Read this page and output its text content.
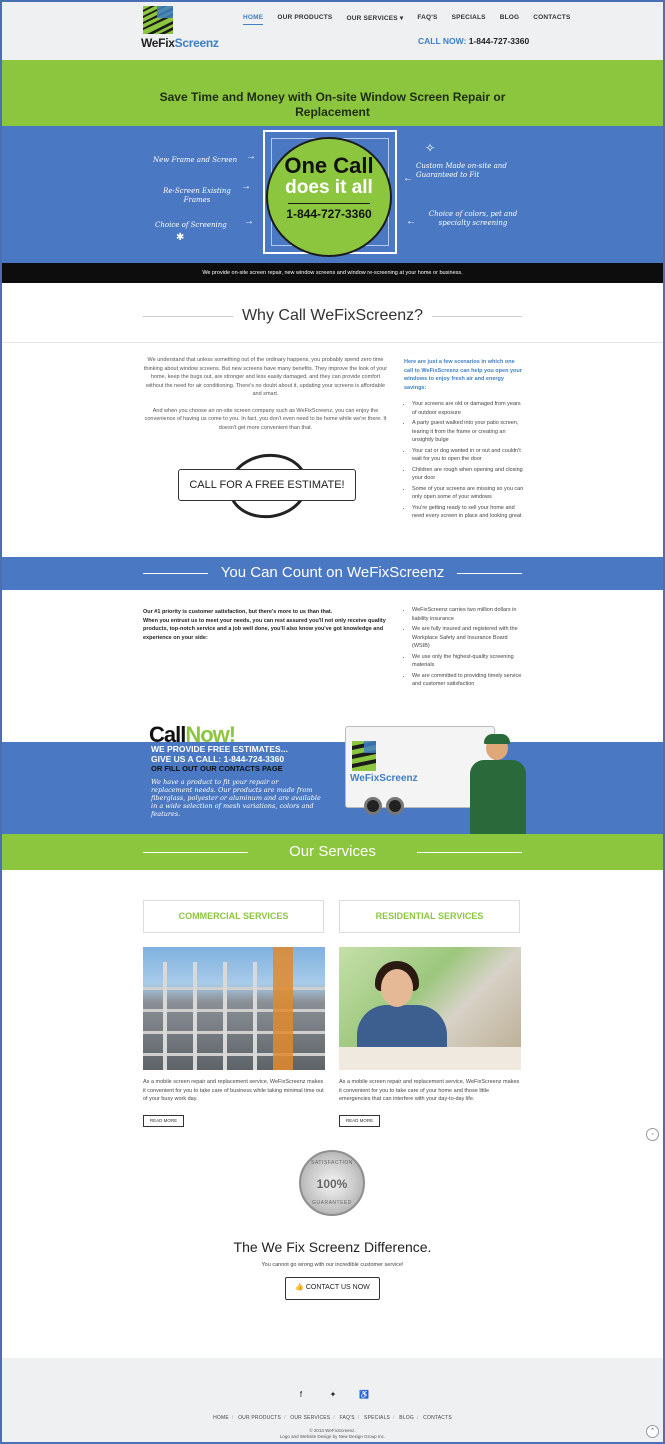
WeFixScreenz
HOME OUR PRODUCTS OUR SERVICES ▾ FAQ'S SPECIALS BLOG CONTACTS
CALL NOW: 1-844-727-3360
Save Time and Money with On-site Window Screen Repair or Replacement
One Call
does it all
1-844-727-3360
New Frame and Screen →
Re-Screen Existing Frames
→
Choice of Screening	→
✱
Custom Made on-site and Guaranteed to Fit
←
✧
Choice of colors, pet and specialty screening
←
We provide on-site screen repair, new window screens and window re-screening at your home or business.
Why Call WeFixScreenz?

We understand that unless something out of the ordinary happens, you probably spend zero time thinking about window screens. But new screens have many benefits. They improve the look of your home, keep the bugs out, are stronger and less easily damaged, and they can provide comfort without the need for air conditioning. There's no doubt about it, updating your screens is affordable and smart.

And when you choose an on-site screen company such as WeFixScreenz, you can enjoy the convenience of having us come to you. In fact, you don't even need to be home while we're there. It doesn't get more convenient than that.

CALL FOR A FREE ESTIMATE!
Here are just a few scenarios in which one call to WeFixScreenz can help you open your windows to enjoy fresh air and energy savings:
• Your screens are old or damaged from years of outdoor exposure
• A party guest walked into your patio screen, tearing it from the frame or creating an unsightly bulge
• Your cat or dog wanted in or out and couldn't wait for you to open the door
• Children are rough when opening and closing your door
• Some of your screens are missing so you can only open some of your windows
• You're getting ready to sell your home and need every screen in place and looking great
You Can Count on WeFixScreenz
Our #1 priority is customer satisfaction, but there's more to us than that.
When you entrust us to meet your needs, you can rest assured you'll not only receive quality products, top-notch service and a job well done, you'll also know you've got knowledge and experience on your side:
• WeFixScreenz carries two million dollars in liability insurance
• We are fully insured and registered with the Workplace Safety and Insurance Board (WSIB)
• We use only the highest-quality screening materials
• We are committed to providing timely service and customer satisfaction
CallNow!
WE PROVIDE FREE ESTIMATES...
GIVE US A CALL: 1-844-724-3360
OR FILL OUT OUR CONTACTS PAGE
We have a product to fit your repair or replacement needs. Our products are made from fiberglass, polyester or aluminum and are available in a wide selection of mesh variations, colors and features.
WeFixScreenz
Our Services
COMMERCIAL SERVICES	RESIDENTIAL SERVICES
As a mobile screen repair and replacement service, WeFixScreenz makes it convenient for you to take care of business while taking minimal time out of your busy work day.
As a mobile screen repair and replacement service, WeFixScreenz makes it convenient for you to take care of your home and those little emergencies that can interfere with your day-to-day life.
READ MORE	READ MORE
◦
SATISFACTION
100%
GUARANTEED
The We Fix Screenz Difference.
You cannot go wrong with our incredible customer service!
👍 CONTACT US NOW
f	✦	♿
HOME / OUR PRODUCTS / OUR SERVICES / FAQ'S / SPECIALS / BLOG / CONTACTS
© 2013 WeFixScreenz.
Logo and Website Design by New Design Group Inc.
⌃
